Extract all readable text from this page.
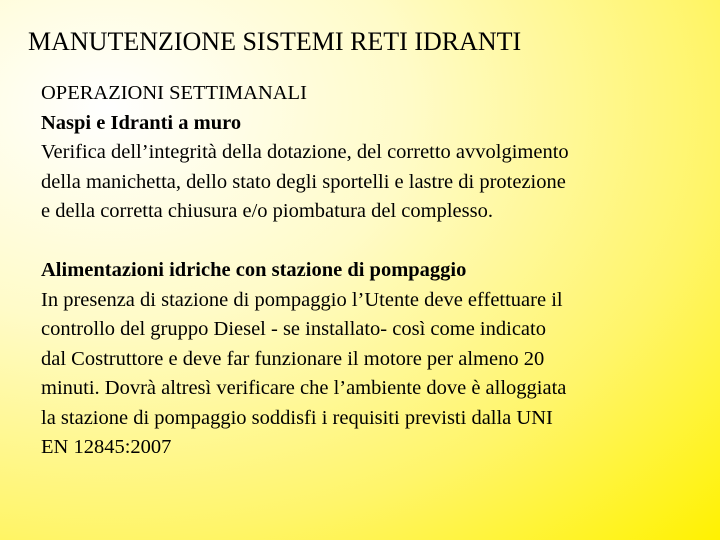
MANUTENZIONE SISTEMI RETI IDRANTI
OPERAZIONI SETTIMANALI
Naspi e Idranti a muro
Verifica dell’integrità della dotazione, del corretto avvolgimento
della manichetta, dello stato degli sportelli e lastre di protezione
e della corretta chiusura e/o piombatura del complesso.
Alimentazioni idriche con stazione di pompaggio
In presenza di stazione di pompaggio l’Utente deve effettuare il
controllo del gruppo Diesel - se installato- così come indicato
dal Costruttore e deve far funzionare il motore per almeno 20
minuti. Dovrà altresì verificare che l’ambiente dove è alloggiata
la stazione di pompaggio soddisfi i requisiti previsti dalla UNI
EN 12845:2007
